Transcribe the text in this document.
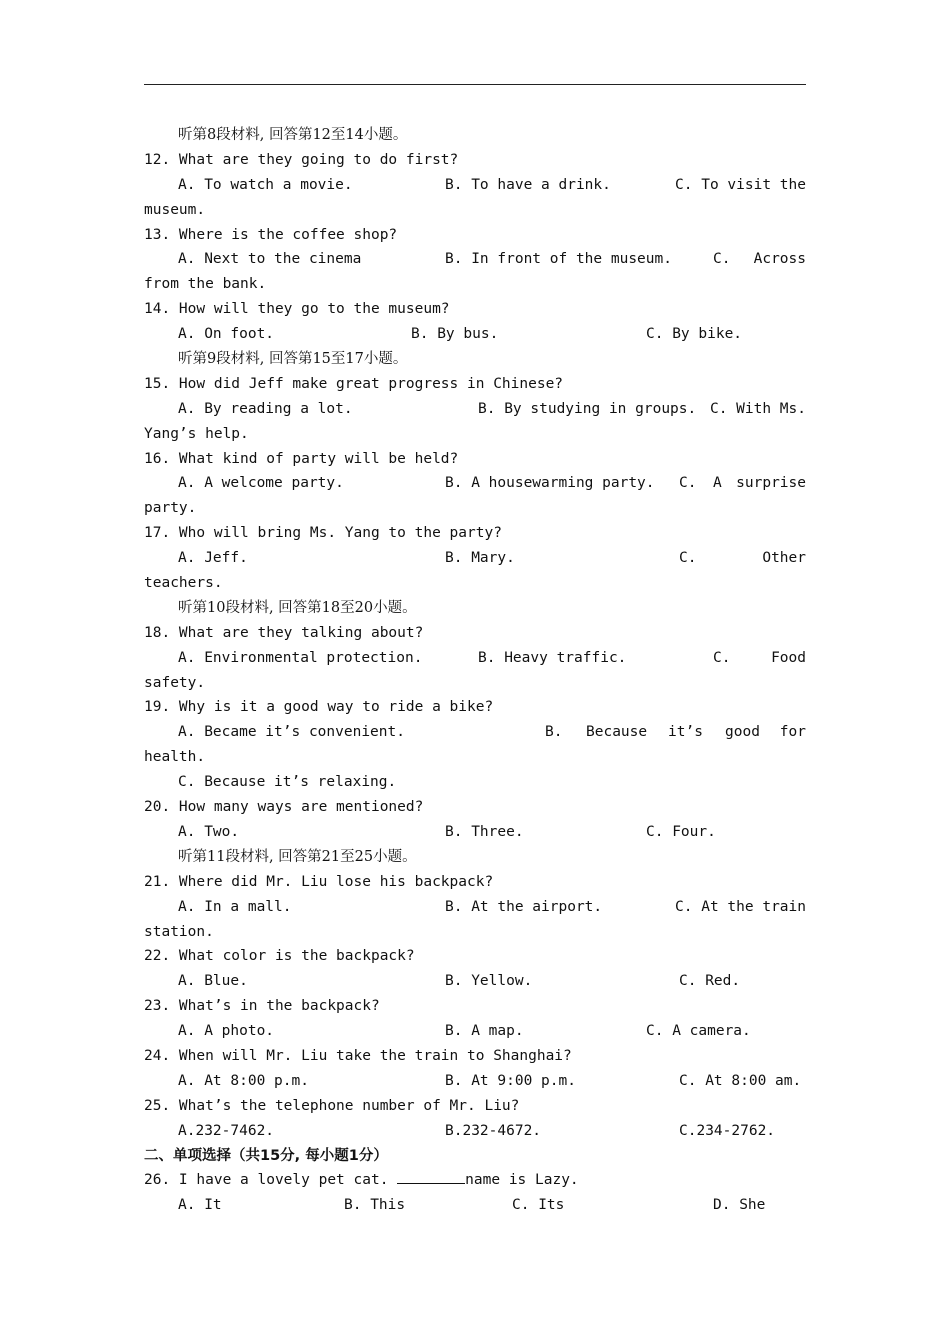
听第8段材料, 回答第12至14小题。
12. What are they going to do first?

A. To watch a movie.

	B. To have a drink.

	C. To visit the

museum.
13. Where is the coffee shop?

A. Next to the cinema

	B. In front of the museum.

	C.

Across

from the bank.
14. How will they go to the museum?

A. On foot.

	B. By bus.

	C. By bike.

听第9段材料, 回答第15至17小题。
15. How did Jeff make great progress in Chinese?

A. By reading a lot.

	B. By studying in groups.

C. With Ms.

Yang’s help.
16. What kind of party will be held?

A. A welcome party.

	B. A housewarming party.

C.

A

surprise

party.
17. Who will bring Ms. Yang to the party?

A. Jeff.

	B. Mary.

	C.

	Other

teachers.
听第10段材料, 回答第18至20小题。
18. What are they talking about?

A. Environmental protection.

	B. Heavy traffic.

	C.

	Food

safety.
19. Why is it a good way to ride a bike?

A. Became it’s convenient.

	B.

Because

it’s

good

for

health.
C. Because it’s relaxing.
20. How many ways are mentioned?

A. Two.

	B. Three.

	C. Four.

听第11段材料, 回答第21至25小题。
21. Where did Mr. Liu lose his backpack?

A. In a mall.

	B. At the airport.

	C. At the train

station.
22. What color is the backpack?

A. Blue.

	B. Yellow.

	C. Red.

23. What’s in the backpack?

A. A photo.

	B. A map.

	C. A camera.

24. When will Mr. Liu take the train to Shanghai?

A. At 8:00 p.m.

	B. At 9:00 p.m.

	C. At 8:00 am.

25. What’s the telephone number of Mr. Liu?

A.232-7462.

	B.232-4672.

	C.234-2762.

二、单项选择（共15分, 每小题1分）
26. I have a lovely pet cat.	name is Lazy.

A. It

	B. This

	C. Its

	D. She
